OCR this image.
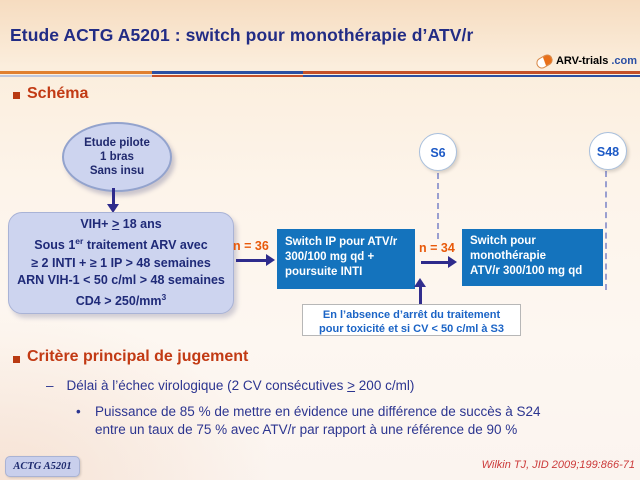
Etude ACTG A5201 : switch pour monothérapie d’ATV/r
ARV-trials .com
Schéma
Etude pilote
1 bras
Sans insu
VIH+ ≥ 18 ans
Sous 1er traitement ARV avec
≥ 2 INTI + ≥ 1 IP > 48 semaines
ARN VIH-1 < 50 c/ml > 48 semaines
$CD4 > 250/mm^3$
n = 36 Switch IP pour ATV/r
300/100 mg qd +
poursuite INTI
n = 34 Switch pour
monothérapie
ATV/r 300/100 mg qd
S6	S48
En l’absence d’arrêt du traitement
pour toxicité et si CV < 50 c/ml à S3
Critère principal de jugement
– Délai à l’échec virologique (2 CV consécutives ≥ 200 c/ml)
• Puissance de 85 % de mettre en évidence une différence de succès à S24
entre un taux de 75 % avec ATV/r par rapport à une référence de 90 %
ACTG A5201	Wilkin TJ, JID 2009;199:866-71
